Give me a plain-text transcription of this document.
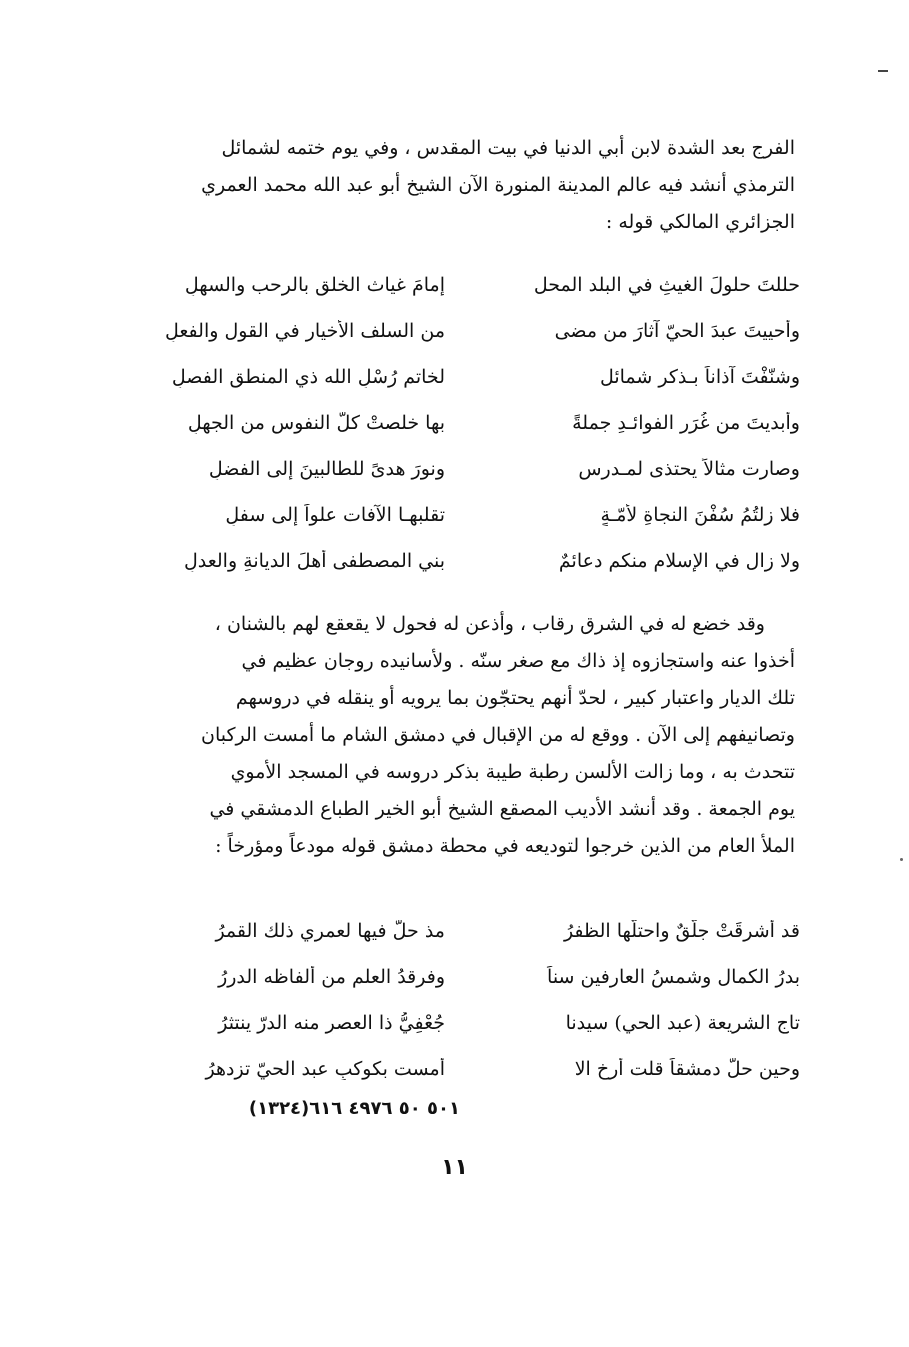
الفرج بعد الشدة لابن أبي الدنيا في بيت المقدس ، وفي يوم ختمه لشمائل
الترمذي أنشد فيه عالم المدينة المنورة الآن الشيخ أبو عبد الله محمد العمري
الجزائري المالكي قوله :
حللتَ حلولَ الغيثِ في البلد المحل
إمامَ غياث الخلق بالرحب والسهلِ
وأحييتَ عبدَ الحيّ آثارَ من مضى
من السلف الأخيار في القول والفعلِ
وشنّفْتَ آذاناً بـذكر شمائل
لخاتم رُسْلِ الله ذي المنطق الفصلِ
وأبديتَ من غُرَرِ الفوائـدِ جملةً
بها خلصتْ كلُّ النفوسِ من الجهلِ
وصارت مثالاً يحتذى لمـدرسٍ
ونورَ هدىً للطالبينَ إلى الفضلِ
فلا زلتُمُ سُفْنَ النجاةِ لأمّـةٍ
تقلبهـا الآفات علواً إلى سفلِ
ولا زال في الإسلام منكم دعائمٌ
بني المصطفى أهلَ الديانةِ والعدلِ
وقد خضع له في الشرق رقاب ، وأذعن له فحول لا يقعقع لهم بالشنان ،
أخذوا عنه واستجازوه إذ ذاك مع صغر سنّه . ولأسانيده روجان عظيم في
تلك الديار واعتبار كبير ، لحدّ أنهم يحتجّون بما يرويه أو ينقله في دروسهم
وتصانيفهم إلى الآن . ووقع له من الإقبال في دمشق الشام ما أمست الركبان
تتحدث به ، وما زالت الألسن رطبة طيبة بذكر دروسه في المسجد الأموي
يوم الجمعة . وقد أنشد الأديب المصقع الشيخ أبو الخير الطباع الدمشقي في
الملأ العام من الذين خرجوا لتوديعه في محطة دمشق قوله مودعاً ومؤرخاً :
قد أشرقَتْ جلّقٌ واحتلّها الظفرُ
مذ حلّ فيها لعمري ذلك القمرُ
بدرُ الكمال وشمسُ العارفين سناً
وفرقدُ العلمِ من ألفاظه الدررُ
تاج الشريعة (عبد الحي) سيدنا
جُعْفِيُّ ذا العصرِ منه الدرّ ينتثرُ
وحين حلّ دمشقاً قلت أرخ الا
أمست بكوكبِ عبد الحيّ تزدهرُ
٥٠١ ٥٠ ٤٩٧٦ ٦١٦(١٣٢٤)
١١
